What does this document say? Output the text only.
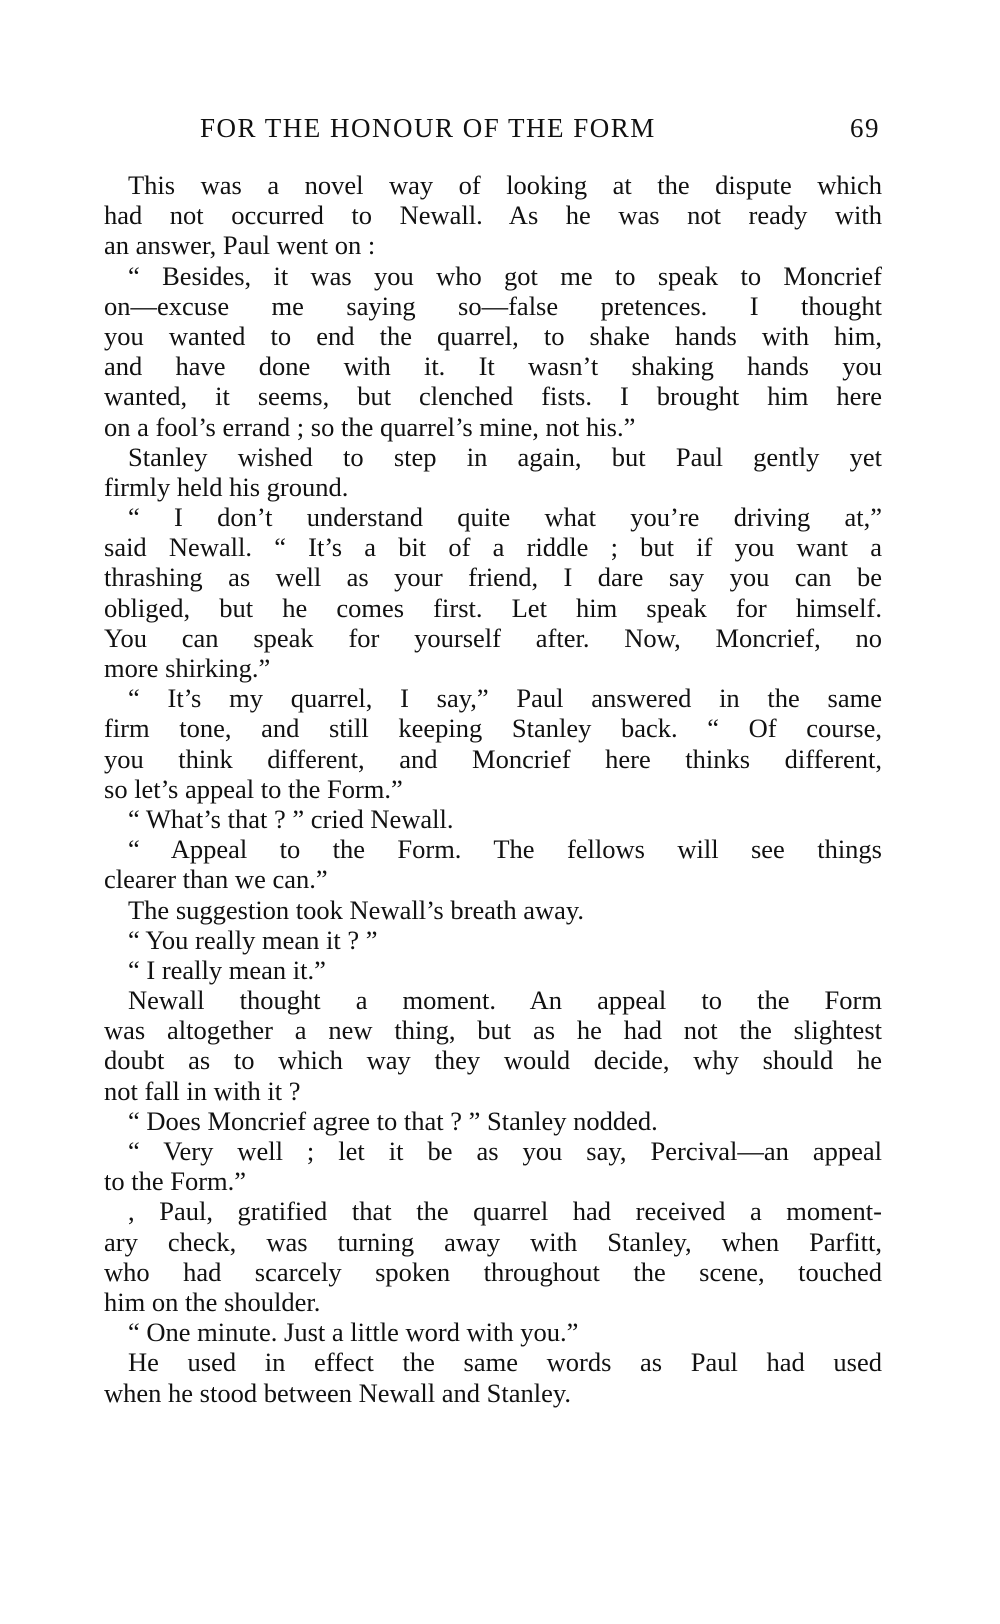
FOR THE HONOUR OF THE FORM	69
This was a novel way of looking at the dispute which
had not occurred to Newall. As he was not ready with
an answer, Paul went on :
“ Besides, it was you who got me to speak to Moncrief
on—excuse me saying so—false pretences. I thought
you wanted to end the quarrel, to shake hands with him,
and have done with it. It wasn’t shaking hands you
wanted, it seems, but clenched fists. I brought him here
on a fool’s errand ; so the quarrel’s mine, not his.”
Stanley wished to step in again, but Paul gently yet
firmly held his ground.
“ I don’t understand quite what you’re driving at,”
said Newall. “ It’s a bit of a riddle ; but if you want a
thrashing as well as your friend, I dare say you can be
obliged, but he comes first. Let him speak for himself.
You can speak for yourself after. Now, Moncrief, no
more shirking.”
“ It’s my quarrel, I say,” Paul answered in the same
firm tone, and still keeping Stanley back. “ Of course,
you think different, and Moncrief here thinks different,
so let’s appeal to the Form.”
“ What’s that ? ” cried Newall.
“ Appeal to the Form. The fellows will see things
clearer than we can.”
The suggestion took Newall’s breath away.
“ You really mean it ? ”
“ I really mean it.”
Newall thought a moment. An appeal to the Form
was altogether a new thing, but as he had not the slightest
doubt as to which way they would decide, why should he
not fall in with it ?
“ Does Moncrief agree to that ? ” Stanley nodded.
“ Very well ; let it be as you say, Percival—an appeal
to the Form.”
, Paul, gratified that the quarrel had received a moment-
ary check, was turning away with Stanley, when Parfitt,
who had scarcely spoken throughout the scene, touched
him on the shoulder.
“ One minute. Just a little word with you.”
He used in effect the same words as Paul had used
when he stood between Newall and Stanley.
